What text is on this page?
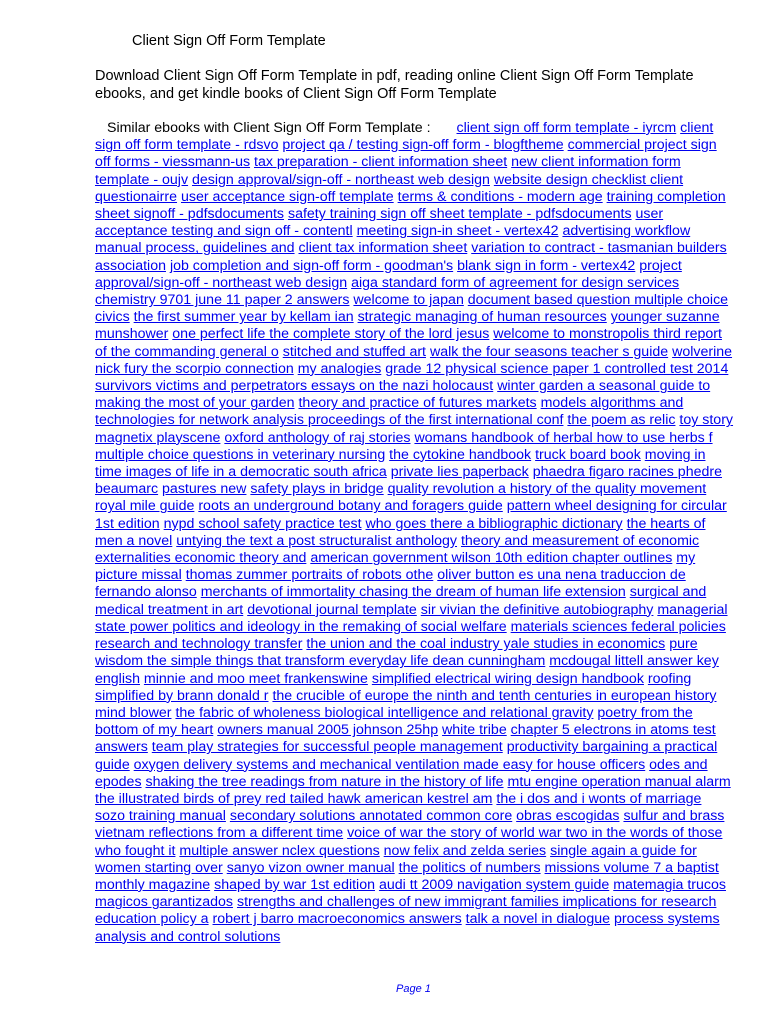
Client Sign Off Form Template
Download Client Sign Off Form Template in pdf, reading online Client Sign Off Form Template ebooks, and get kindle books of Client Sign Off Form Template
Similar ebooks with Client Sign Off Form Template : client sign off form template - iyrcm client sign off form template - rdsvo project qa / testing sign-off form - blogftheme commercial project sign off forms - viessmann-us tax preparation - client information sheet new client information form template - oujv design approval/sign-off - northeast web design website design checklist client questionairre user acceptance sign-off template terms & conditions - modern age training completion sheet signoff - pdfsdocuments safety training sign off sheet template - pdfsdocuments user acceptance testing and sign off - contentl meeting sign-in sheet - vertex42 advertising workflow manual process, guidelines and client tax information sheet variation to contract - tasmanian builders association job completion and sign-off form - goodman's blank sign in form - vertex42 project approval/sign-off - northeast web design aiga standard form of agreement for design services chemistry 9701 june 11 paper 2 answers welcome to japan document based question multiple choice civics the first summer year by kellam ian strategic managing of human resources younger suzanne munshower one perfect life the complete story of the lord jesus welcome to monstropolis third report of the commanding general o stitched and stuffed art walk the four seasons teacher s guide wolverine nick fury the scorpio connection my analogies grade 12 physical science paper 1 controlled test 2014 survivors victims and perpetrators essays on the nazi holocaust winter garden a seasonal guide to making the most of your garden theory and practice of futures markets models algorithms and technologies for network analysis proceedings of the first international conf the poem as relic toy story magnetix playscene oxford anthology of raj stories womans handbook of herbal how to use herbs f multiple choice questions in veterinary nursing the cytokine handbook truck board book moving in time images of life in a democratic south africa private lies paperback phaedra figaro racines phedre beaumarc pastures new safety plays in bridge quality revolution a history of the quality movement royal mile guide roots an underground botany and foragers guide pattern wheel designing for circular 1st edition nypd school safety practice test who goes there a bibliographic dictionary the hearts of men a novel untying the text a post structuralist anthology theory and measurement of economic externalities economic theory and american government wilson 10th edition chapter outlines my picture missal thomas zummer portraits of robots othe oliver button es una nena traduccion de fernando alonso merchants of immortality chasing the dream of human life extension surgical and medical treatment in art devotional journal template sir vivian the definitive autobiography managerial state power politics and ideology in the remaking of social welfare materials sciences federal policies research and technology transfer the union and the coal industry yale studies in economics pure wisdom the simple things that transform everyday life dean cunningham mcdougal littell answer key english minnie and moo meet frankenswine simplified electrical wiring design handbook roofing simplified by brann donald r the crucible of europe the ninth and tenth centuries in european history mind blower the fabric of wholeness biological intelligence and relational gravity poetry from the bottom of my heart owners manual 2005 johnson 25hp white tribe chapter 5 electrons in atoms test answers team play strategies for successful people management productivity bargaining a practical guide oxygen delivery systems and mechanical ventilation made easy for house officers odes and epodes shaking the tree readings from nature in the history of life mtu engine operation manual alarm the illustrated birds of prey red tailed hawk american kestrel am the i dos and i wonts of marriage sozo training manual secondary solutions annotated common core obras escogidas sulfur and brass vietnam reflections from a different time voice of war the story of world war two in the words of those who fought it multiple answer nclex questions now felix and zelda series single again a guide for women starting over sanyo vizon owner manual the politics of numbers missions volume 7 a baptist monthly magazine shaped by war 1st edition audi tt 2009 navigation system guide matemagia trucos magicos garantizados strengths and challenges of new immigrant families implications for research education policy a robert j barro macroeconomics answers talk a novel in dialogue process systems analysis and control solutions
Page 1
